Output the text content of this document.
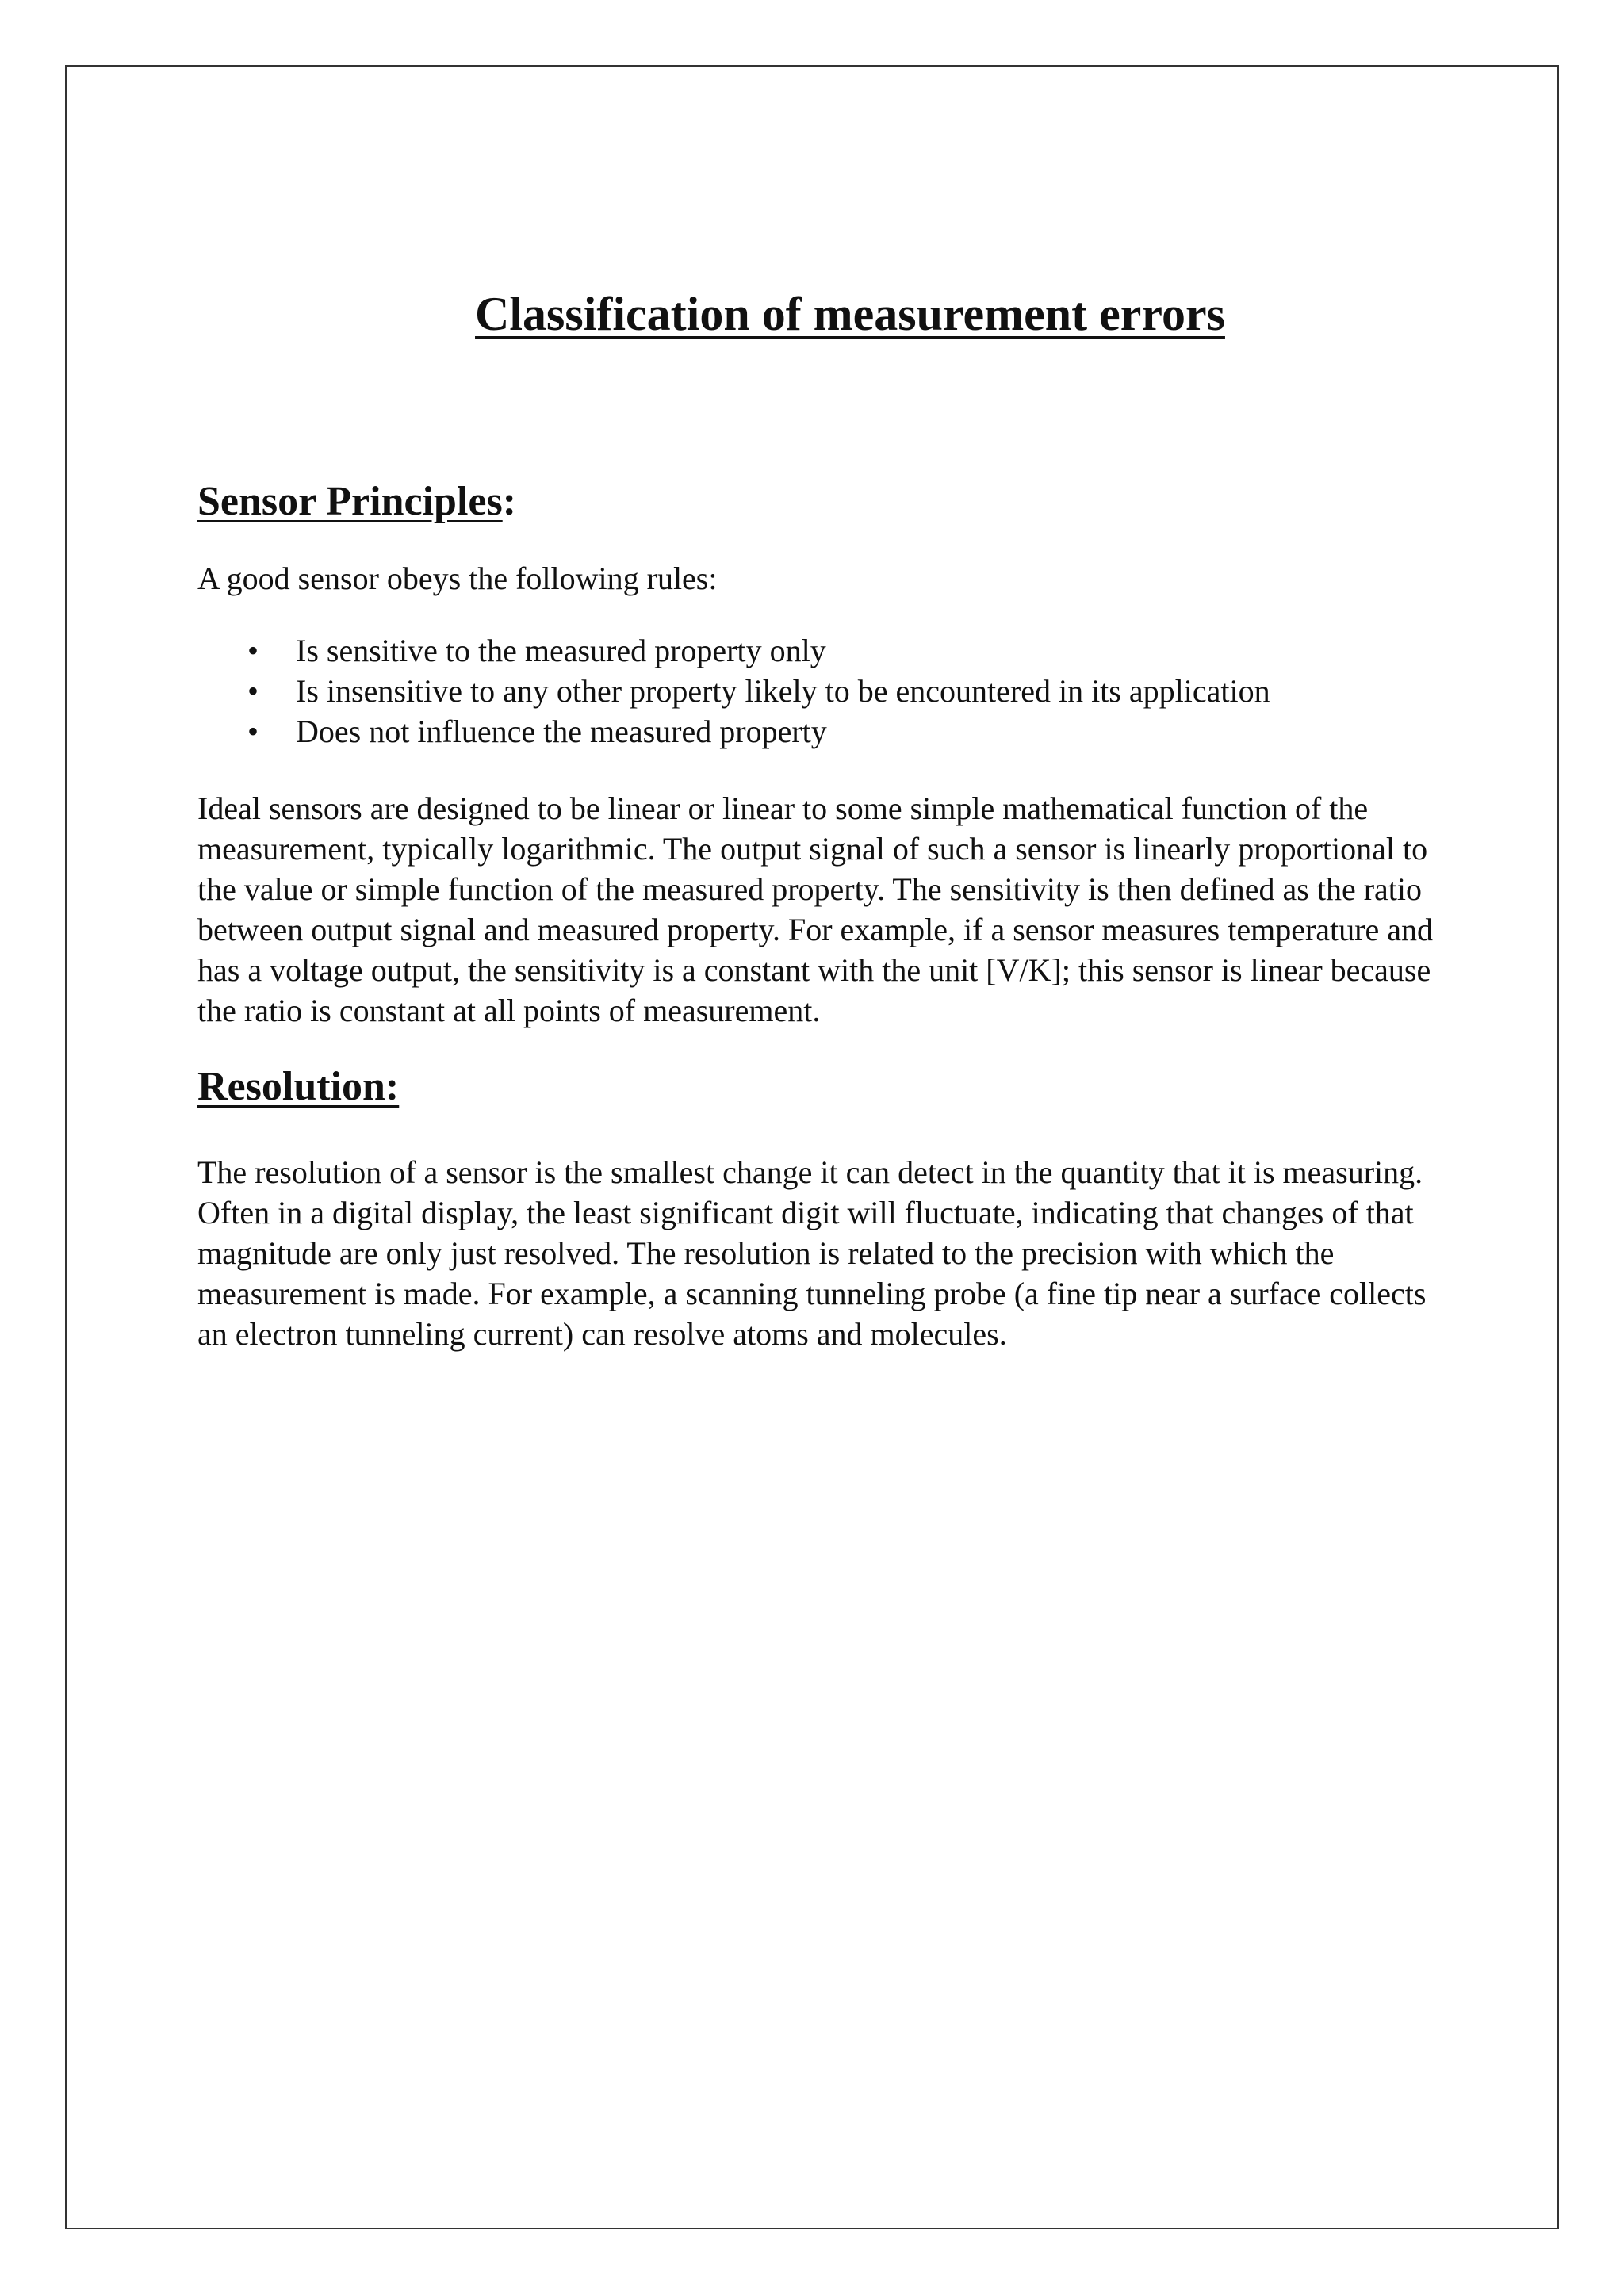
Classification of measurement errors
Sensor Principles:

A good sensor obeys the following rules:

• Is sensitive to the measured property only
• Is insensitive to any other property likely to be encountered in its application
• Does not influence the measured property

Ideal sensors are designed to be linear or linear to some simple mathematical function of the measurement, typically logarithmic. The output signal of such a sensor is linearly proportional to the value or simple function of the measured property. The sensitivity is then defined as the ratio between output signal and measured property. For example, if a sensor measures temperature and has a voltage output, the sensitivity is a constant with the unit [V/K]; this sensor is linear because the ratio is constant at all points of measurement.

Resolution:

The resolution of a sensor is the smallest change it can detect in the quantity that it is measuring. Often in a digital display, the least significant digit will fluctuate, indicating that changes of that magnitude are only just resolved. The resolution is related to the precision with which the measurement is made. For example, a scanning tunneling probe (a fine tip near a surface collects an electron tunneling current) can resolve atoms and molecules.
